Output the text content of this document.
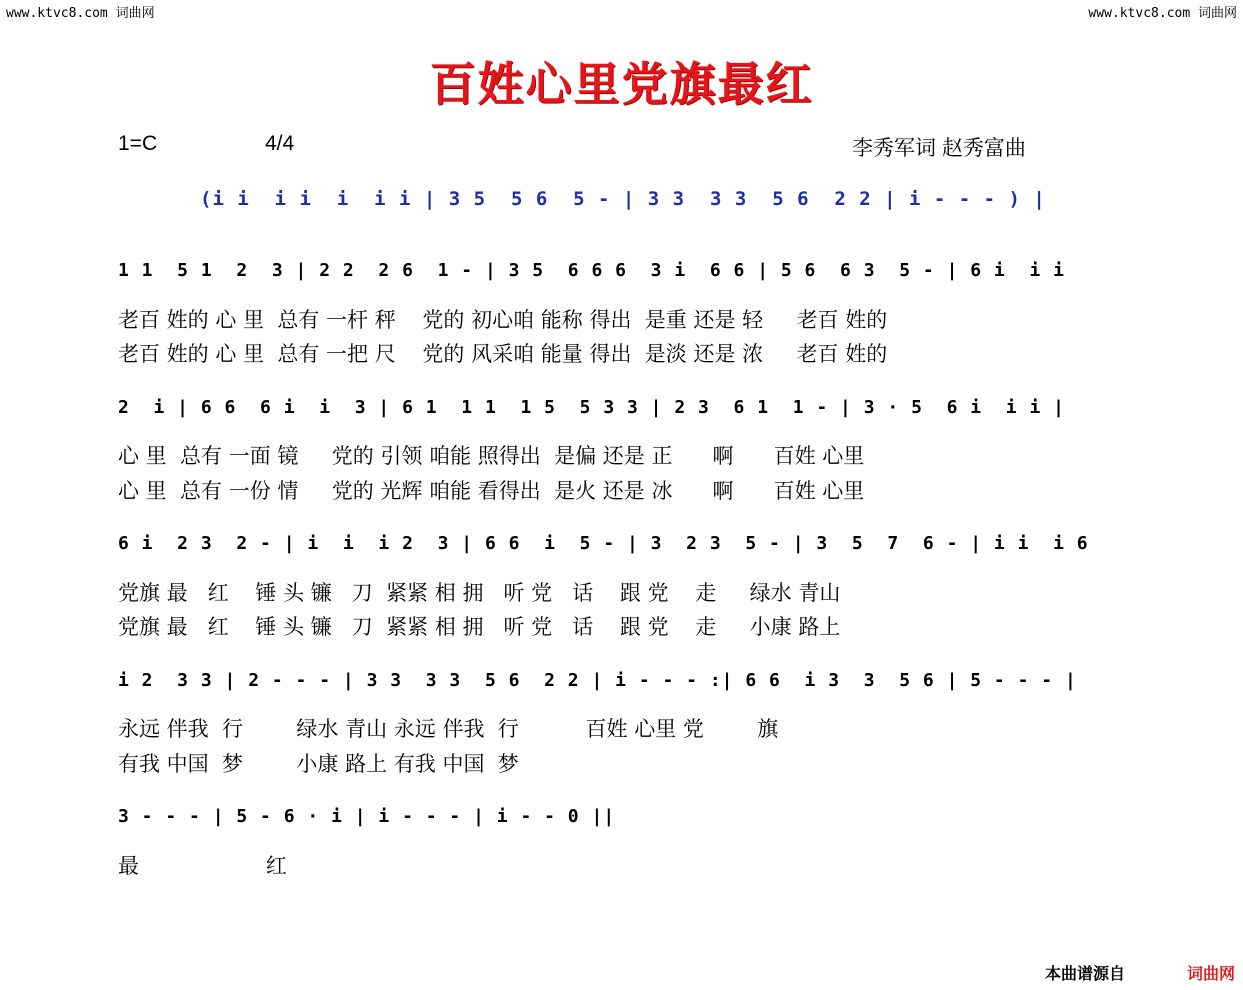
www.ktvc8.com 词曲网	www.ktvc8.com 词曲网
百姓心里党旗最红
1=C	4/4	李秀军词 赵秀富曲
(i i  i i  i  i i | 3 5  5 6  5 - | 3 3  3 3  5 6  2 2 | i - - - ) |
1 1  5 1  2  3 | 2 2  2 6  1 - | 3 5  6 6 6  3 i  6 6 | 5 6  6 3  5 - | 6 i  i i
老百 姓的 心 里  总有 一杆 秤    党的 初心咱 能称 得出  是重 还是 轻     老百 姓的
老百 姓的 心 里  总有 一把 尺    党的 风采咱 能量 得出  是淡 还是 浓     老百 姓的
2  i | 6 6  6 i  i  3 | 6 1  1 1  1 5  5 3 3 | 2 3  6 1  1 - | 3 · 5  6 i  i i |
心 里  总有 一面 镜     党的 引领 咱能 照得出  是偏 还是 正      啊      百姓 心里
心 里  总有 一份 情     党的 光辉 咱能 看得出  是火 还是 冰      啊      百姓 心里
6 i  2 3  2 - | i  i  i 2  3 | 6 6  i  5 - | 3  2 3  5 - | 3  5  7  6 - | i i  i 6
党旗 最   红    锤 头 镰   刀  紧紧 相 拥   听 党   话    跟 党    走     绿水 青山
党旗 最   红    锤 头 镰   刀  紧紧 相 拥   听 党   话    跟 党    走     小康 路上
i 2  3 3 | 2 - - - | 3 3  3 3  5 6  2 2 | i - - - :| 6 6  i 3  3  5 6 | 5 - - - |
永远 伴我  行        绿水 青山 永远 伴我  行          百姓 心里 党        旗
有我 中国  梦        小康 路上 有我 中国  梦
3 - - - | 5 - 6 · i | i - - - | i - - 0 ||
最                   红
本曲谱源自	词曲网
